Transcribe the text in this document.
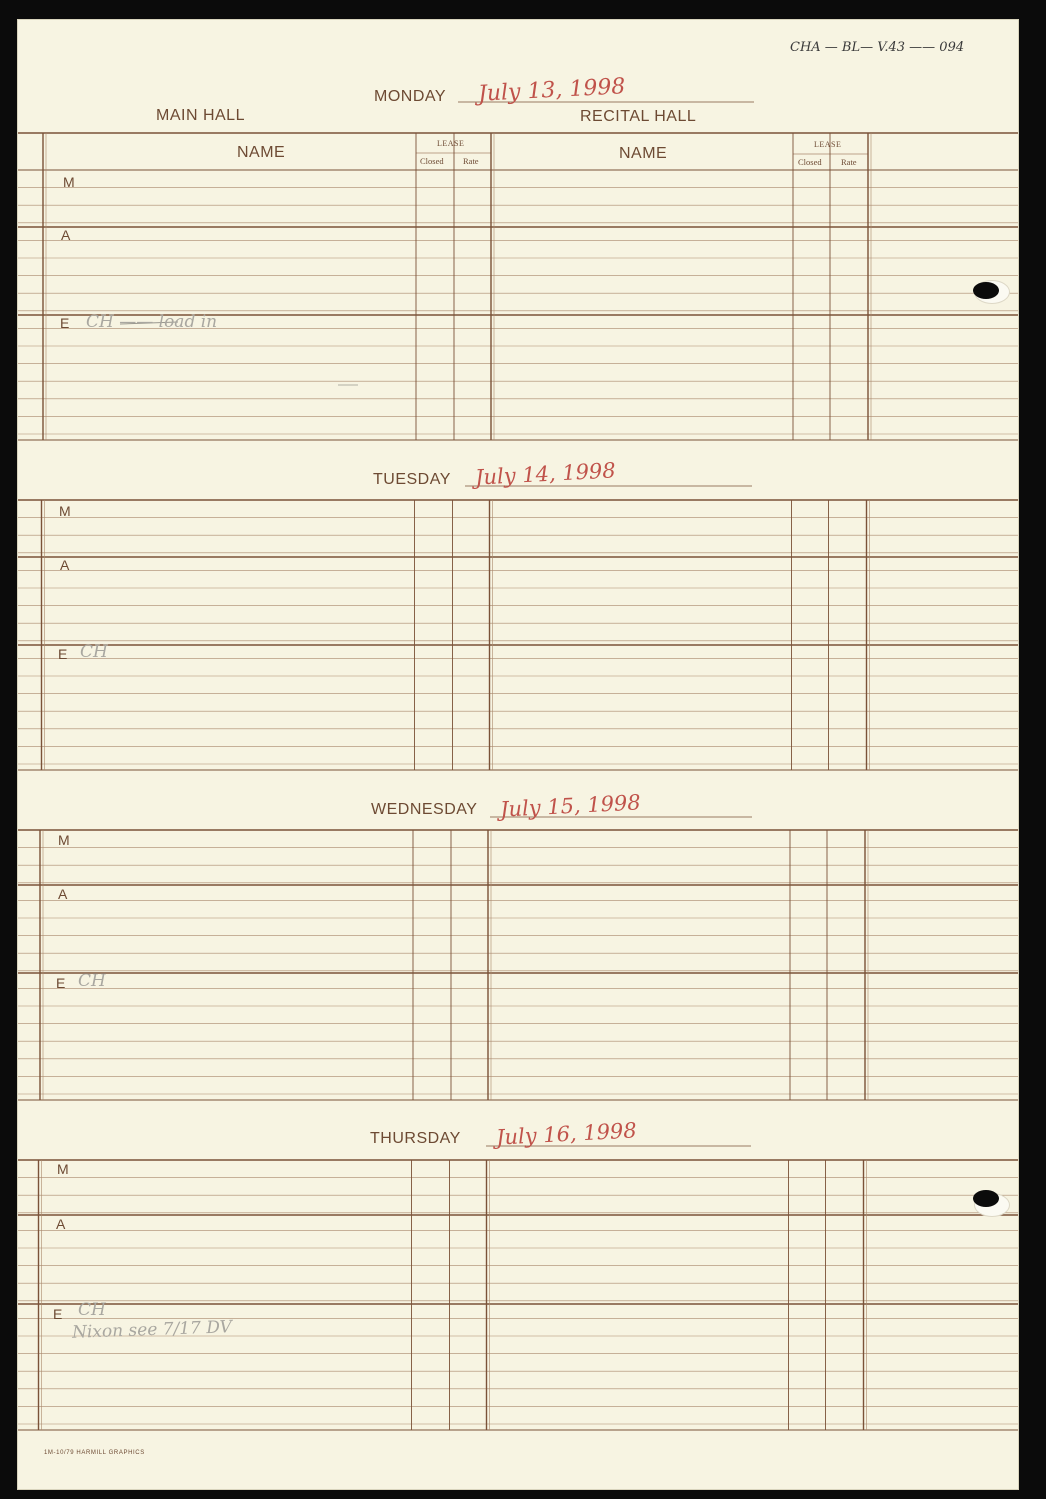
CHA — BL— V.43 —— 094
MAIN HALL	RECITAL HALL
NAME	NAME
LEASE	LEASE
Closed Rate	Closed Rate
MONDAY July 13, 1998
M
A
E CH —— load in
TUESDAY July 14, 1998
M
A
E CH
WEDNESDAY July 15, 1998
M
A
E CH
THURSDAY July 16, 1998
M
A
E CH
Nixon see 7/17 DV
1M-10/79 HARMILL GRAPHICS
